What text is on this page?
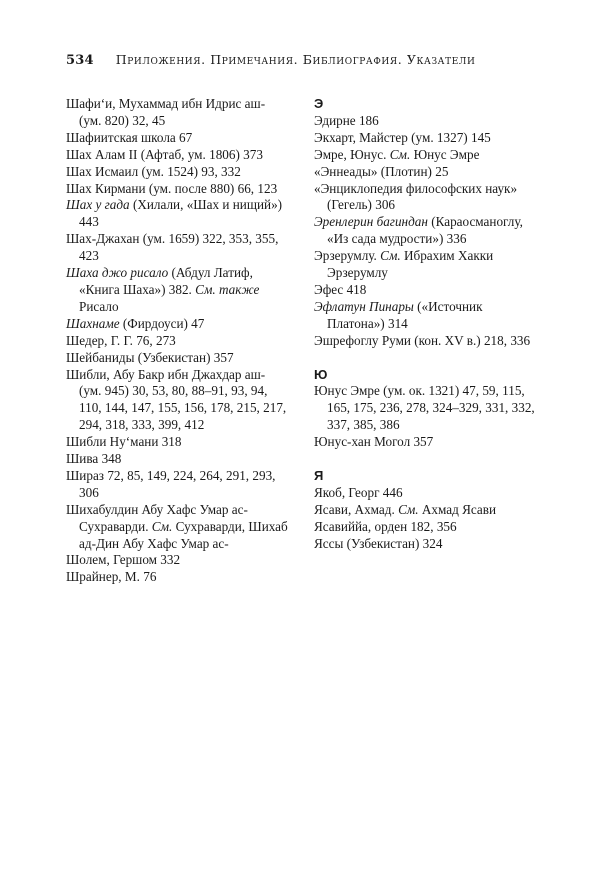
534 Приложения. Примечания. Библиография. Указатели

Шафи‘и, Мухаммад ибн Идрис аш- (ум. 820) 32, 45

Шафиитская школа 67

Шах Алам II (Афтаб, ум. 1806) 373

Шах Исмаил (ум. 1524) 93, 332

Шах Кирмани (ум. после 880) 66, 123

Шах у гада (Хилали, «Шах и нищий») 443

Шах-Джахан (ум. 1659) 322, 353, 355, 423

Шаха джо рисало (Абдул Латиф, «Книга Шаха») 382. См. также Рисало

Шахнаме (Фирдоуси) 47

Шедер, Г. Г. 76, 273

Шейбаниды (Узбекистан) 357

Шибли, Абу Бакр ибн Джахдар аш- (ум. 945) 30, 53, 80, 88–91, 93, 94, 110, 144, 147, 155, 156, 178, 215, 217, 294, 318, 333, 399, 412

Шибли Ну‘мани 318

Шива 348

Шираз 72, 85, 149, 224, 264, 291, 293, 306

Шихабулдин Абу Хафс Умар ас-Сухраварди. См. Сухраварди, Шихаб ад-Дин Абу Хафс Умар ас-

Шолем, Гершом 332

Шрайнер, М. 76

Э

Эдирне 186

Экхарт, Майстер (ум. 1327) 145

Эмре, Юнус. См. Юнус Эмре

«Эннеады» (Плотин) 25

«Энциклопедия философских наук» (Гегель) 306

Эренлерин багиндан (Караосманоглу, «Из сада мудрости») 336

Эрзерумлу. См. Ибрахим Хакки Эрзерумлу

Эфес 418

Эфлатун Пинары («Источник Платона») 314

Эшрефоглу Руми (кон. XV в.) 218, 336

Ю

Юнус Эмре (ум. ок. 1321) 47, 59, 115, 165, 175, 236, 278, 324–329, 331, 332, 337, 385, 386

Юнус-хан Могол 357

Я

Якоб, Георг 446

Ясави, Ахмад. См. Ахмад Ясави

Ясавиййа, орден 182, 356

Яссы (Узбекистан) 324
